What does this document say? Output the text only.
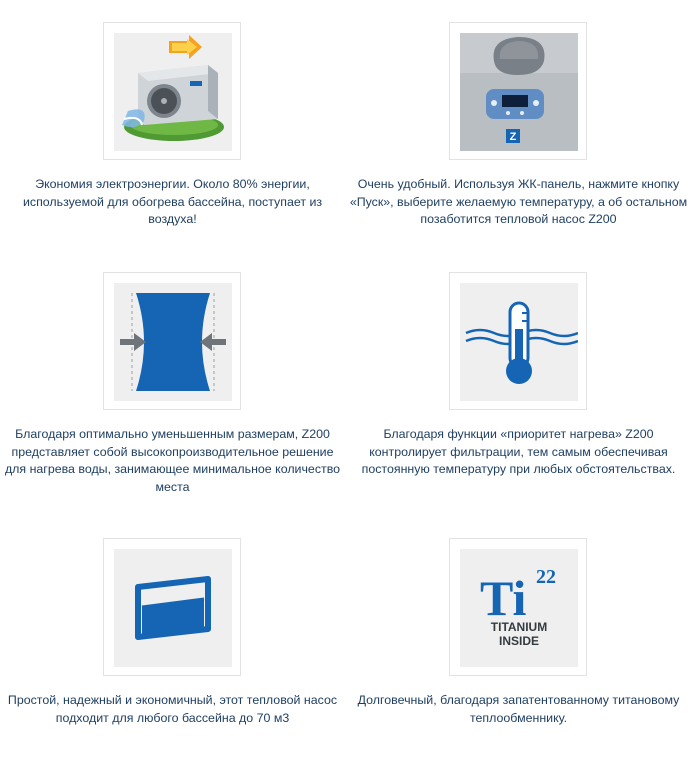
Экономия электроэнергии. Около 80% энергии, используемой для обогрева бассейна, поступает из воздуха!
Z
Очень удобный. Используя ЖК-панель, нажмите кнопку «Пуск», выберите желаемую температуру, а об остальном позаботится тепловой насос Z200
Благодаря оптимально уменьшенным размерам, Z200 представляет собой высокопроизводительное решение для нагрева воды, занимающее минимальное количество места
Благодаря функции «приоритет нагрева» Z200 контролирует фильтрации, тем самым обеспечивая постоянную температуру при любых обстоятельствах.
Простой, надежный и экономичный, этот тепловой насос подходит для любого бассейна до 70 м3
Ti 22
TITANIUM
INSIDE
Долговечный, благодаря запатентованному титановому теплообменнику.
